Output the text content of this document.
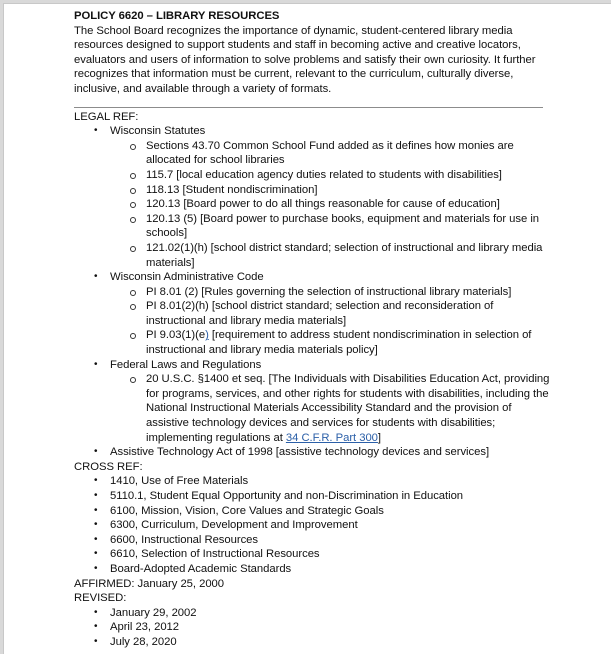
POLICY 6620 – LIBRARY RESOURCES

The School Board recognizes the importance of dynamic, student-centered library media resources designed to support students and staff in becoming active and creative locators, evaluators and users of information to solve problems and satisfy their own curiosity. It further recognizes that information must be current, relevant to the curriculum, culturally diverse, inclusive, and available through a variety of formats.

LEGAL REF:

•	Wisconsin Statutes
Sections 43.70 Common School Fund added as it defines how monies are allocated for school libraries
115.7 [local education agency duties related to students with disabilities]
118.13 [Student nondiscrimination]
120.13 [Board power to do all things reasonable for cause of education]
120.13 (5) [Board power to purchase books, equipment and materials for use in schools]
121.02(1)(h) [school district standard; selection of instructional and library media materials]
•	Wisconsin Administrative Code
PI 8.01 (2) [Rules governing the selection of instructional library materials]
PI 8.01(2)(h) [school district standard; selection and reconsideration of instructional and library media materials]
PI 9.03(1)(e) [requirement to address student nondiscrimination in selection of instructional and library media materials policy]
•	Federal Laws and Regulations
20 U.S.C. §1400 et seq. [The Individuals with Disabilities Education Act, providing for programs, services, and other rights for students with disabilities, including the National Instructional Materials Accessibility Standard and the provision of assistive technology devices and services for students with disabilities; implementing regulations at 34 C.F.R. Part 300]
•	Assistive Technology Act of 1998 [assistive technology devices and services]

CROSS REF:

•	1410, Use of Free Materials
•	5110.1, Student Equal Opportunity and non-Discrimination in Education
•	6100, Mission, Vision, Core Values and Strategic Goals
•	6300, Curriculum, Development and Improvement
•	6600, Instructional Resources
•	6610, Selection of Instructional Resources
•	Board-Adopted Academic Standards

AFFIRMED: January 25, 2000

REVISED:

•	January 29, 2002
•	April 23, 2012
•	July 28, 2020
